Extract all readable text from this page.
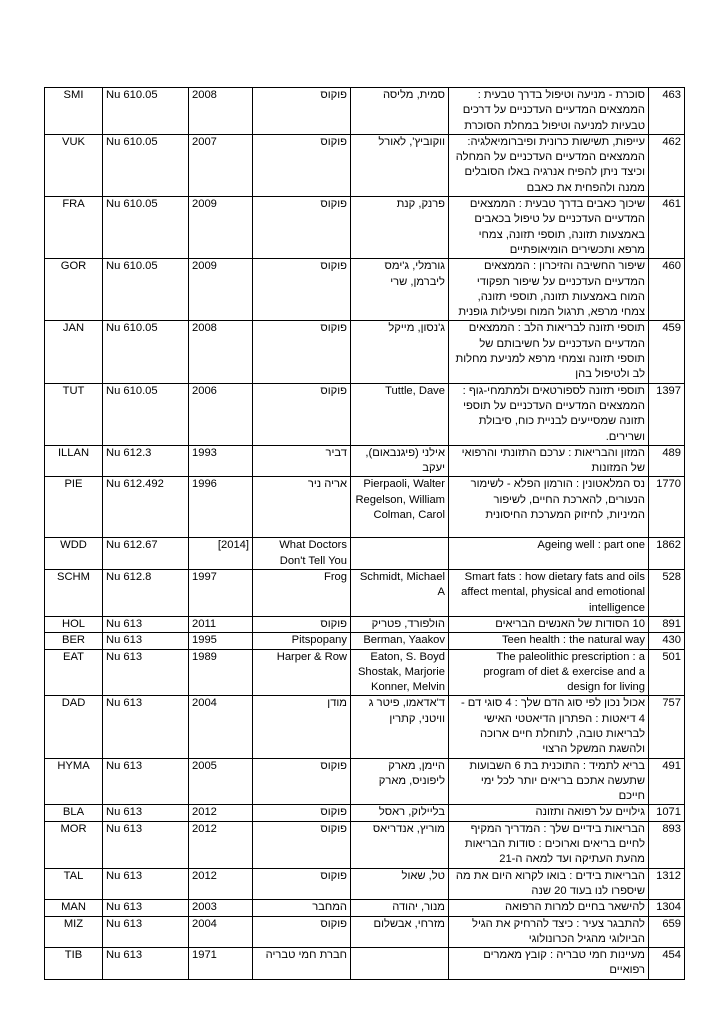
SMI	Nu 610.05	2008	פוקוס	סמית, מליסה	סוכרת - מניעה וטיפול בדרך טבעית : הממצאים המדעיים העדכניים על דרכים טבעיות למניעה וטיפול במחלת הסוכרת	463
VUK	Nu 610.05	2007	פוקוס	ווקוביץ', לאורל	עייפות, תשישות כרונית ופיברומיאלגיה: הממצאים המדעיים העדכניים על המחלה וכיצד ניתן להפיח אנרגיה באלו הסובלים ממנה ולהפחית את כאבם	462
FRA	Nu 610.05	2009	פוקוס	פרנק, קנת	שיכוך כאבים בדרך טבעית : הממצאים המדעיים העדכניים על טיפול בכאבים באמצעות תזונה, תוספי תזונה, צמחי מרפא ותכשירים הומיאופתיים	461
GOR	Nu 610.05	2009	פוקוס	גורמלי, ג'ימס ליברמן, שרי	שיפור החשיבה והזיכרון : הממצאים המדעיים העדכניים על שיפור תפקודי המוח באמצעות תזונה, תוספי תזונה, צמחי מרפא, תרגול המוח ופעילות גופנית	460
JAN	Nu 610.05	2008	פוקוס	ג'נסון, מייקל	תוספי תזונה לבריאות הלב : הממצאים המדעיים העדכניים על חשיבותם של תוספי תזונה וצמחי מרפא למניעת מחלות לב ולטיפול בהן	459
TUT	Nu 610.05	2006	פוקוס	Tuttle, Dave	תוספי תזונה לספורטאים ולמתמחי-גוף : הממצאים המדעיים העדכניים על תוספי תזונה שמסייעים לבניית כוח, סיבולת ושרירים.	1397
ILLAN	Nu 612.3	1993	דביר	אילני (פיגנבאום), יעקב	המזון והבריאות : ערכם התזונתי והרפואי של המזונות	489
PIE	Nu 612.492	1996	אריה ניר	Pierpaoli, Walter Regelson, William Colman, Carol	נס המלאטונין : הורמון הפלא - לשימור הנעורים, להארכת החיים, לשיפור המיניות, לחיזוק המערכת החיסונית	1770
WDD	Nu 612.67	[2014]	What Doctors Don't Tell You		Ageing well : part one	1862
SCHM	Nu 612.8	1997	Frog	Schmidt, Michael A	Smart fats : how dietary fats and oils affect mental, physical and emotional intelligence	528
HOL	Nu 613	2011	פוקוס	הולפורד, פטריק	10 הסודות של האנשים הבריאים	891
BER	Nu 613	1995	Pitspopany	Berman, Yaakov	Teen health : the natural way	430
EAT	Nu 613	1989	Harper & Row	Eaton, S. Boyd Shostak, Marjorie Konner, Melvin	The paleolithic prescription : a program of diet & exercise and a design for living	501
DAD	Nu 613	2004	מודן	ד'אדאמו, פיטר ג וויטני, קתרין	אכול נכון לפי סוג הדם שלך : 4 סוגי דם - 4 דיאטות : הפתרון הדיאטטי האישי לבריאות טובה, לתוחלת חיים ארוכה ולהשגת המשקל הרצוי	757
HYMA	Nu 613	2005	פוקוס	היימן, מארק ליפוניס, מארק	בריא לתמיד : התוכנית בת 6 השבועות שתעשה אתכם בריאים יותר לכל ימי חייכם	491
BLA	Nu 613	2012	פוקוס	בליילוק, ראסל	גילויים על רפואה ותזונה	1071
MOR	Nu 613	2012	פוקוס	מוריץ, אנדריאס	הבריאות בידיים שלך : המדריך המקיף לחיים בריאים וארוכים : סודות הבריאות מהעת העתיקה ועד למאה ה-21	893
TAL	Nu 613	2012	פוקוס	טל, שאול	הבריאות בידים : בואו לקרוא היום את מה שיספרו לנו בעוד 20 שנה	1312
MAN	Nu 613	2003	המחבר	מנור, יהודה	להישאר בחיים למרות הרפואה	1304
MIZ	Nu 613	2004	פוקוס	מזרחי, אבשלום	להתבגר צעיר : כיצד להרחיק את הגיל הביולוגי מהגיל הכרונולוגי	659
TIB	Nu 613	1971	חברת חמי טבריה		מעיינות חמי טבריה : קובץ מאמרים רפואיים	454
